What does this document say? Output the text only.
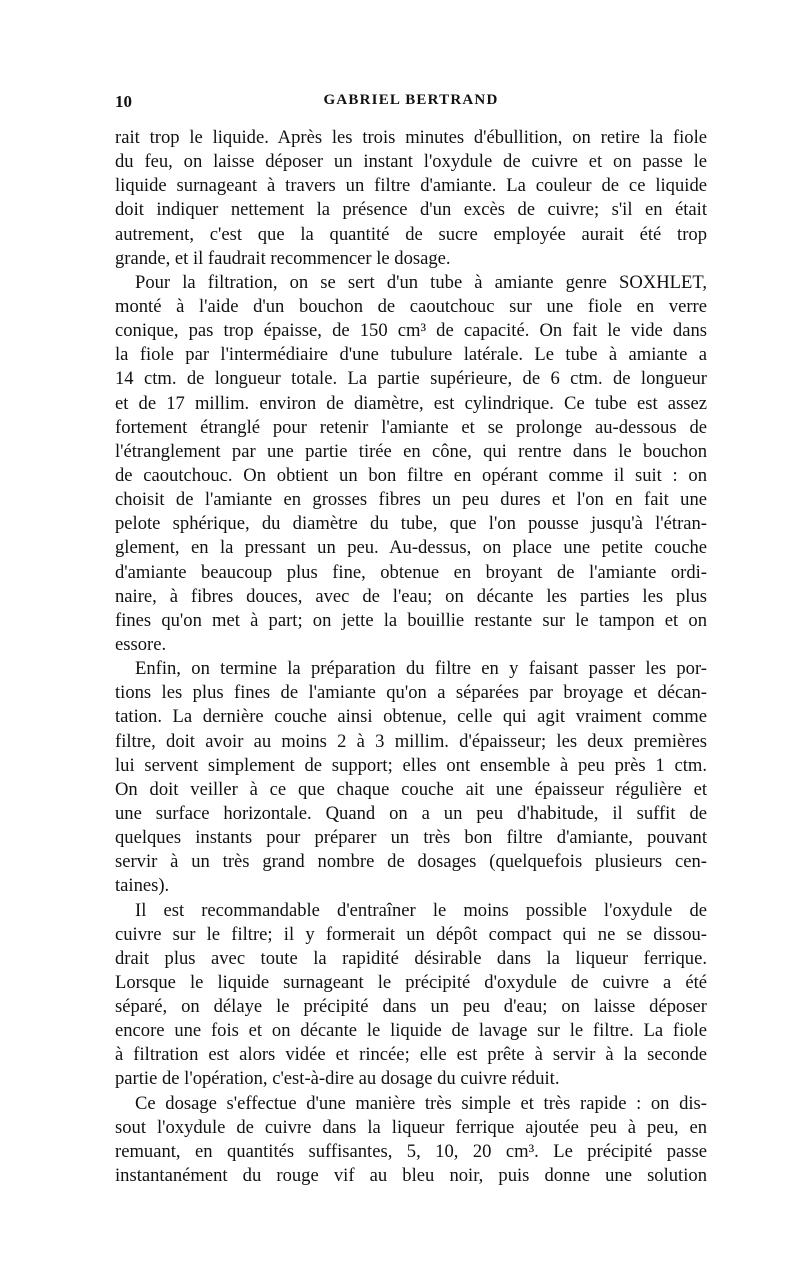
10	GABRIEL BERTRAND
rait trop le liquide. Après les trois minutes d'ébullition, on retire la fiole
du feu, on laisse déposer un instant l'oxydule de cuivre et on passe le
liquide surnageant à travers un filtre d'amiante. La couleur de ce liquide
doit indiquer nettement la présence d'un excès de cuivre; s'il en était
autrement, c'est que la quantité de sucre employée aurait été trop
grande, et il faudrait recommencer le dosage.
Pour la filtration, on se sert d'un tube à amiante genre SOXHLET,
monté à l'aide d'un bouchon de caoutchouc sur une fiole en verre
conique, pas trop épaisse, de 150 cm³ de capacité. On fait le vide dans
la fiole par l'intermédiaire d'une tubulure latérale. Le tube à amiante a
14 ctm. de longueur totale. La partie supérieure, de 6 ctm. de longueur
et de 17 millim. environ de diamètre, est cylindrique. Ce tube est assez
fortement étranglé pour retenir l'amiante et se prolonge au-dessous de
l'étranglement par une partie tirée en cône, qui rentre dans le bouchon
de caoutchouc. On obtient un bon filtre en opérant comme il suit : on
choisit de l'amiante en grosses fibres un peu dures et l'on en fait une
pelote sphérique, du diamètre du tube, que l'on pousse jusqu'à l'étran-
glement, en la pressant un peu. Au-dessus, on place une petite couche
d'amiante beaucoup plus fine, obtenue en broyant de l'amiante ordi-
naire, à fibres douces, avec de l'eau; on décante les parties les plus
fines qu'on met à part; on jette la bouillie restante sur le tampon et on
essore.
Enfin, on termine la préparation du filtre en y faisant passer les por-
tions les plus fines de l'amiante qu'on a séparées par broyage et décan-
tation. La dernière couche ainsi obtenue, celle qui agit vraiment comme
filtre, doit avoir au moins 2 à 3 millim. d'épaisseur; les deux premières
lui servent simplement de support; elles ont ensemble à peu près 1 ctm.
On doit veiller à ce que chaque couche ait une épaisseur régulière et
une surface horizontale. Quand on a un peu d'habitude, il suffit de
quelques instants pour préparer un très bon filtre d'amiante, pouvant
servir à un très grand nombre de dosages (quelquefois plusieurs cen-
taines).
Il est recommandable d'entraîner le moins possible l'oxydule de
cuivre sur le filtre; il y formerait un dépôt compact qui ne se dissou-
drait plus avec toute la rapidité désirable dans la liqueur ferrique.
Lorsque le liquide surnageant le précipité d'oxydule de cuivre a été
séparé, on délaye le précipité dans un peu d'eau; on laisse déposer
encore une fois et on décante le liquide de lavage sur le filtre. La fiole
à filtration est alors vidée et rincée; elle est prête à servir à la seconde
partie de l'opération, c'est-à-dire au dosage du cuivre réduit.
Ce dosage s'effectue d'une manière très simple et très rapide : on dis-
sout l'oxydule de cuivre dans la liqueur ferrique ajoutée peu à peu, en
remuant, en quantités suffisantes, 5, 10, 20 cm³. Le précipité passe
instantanément du rouge vif au bleu noir, puis donne une solution
